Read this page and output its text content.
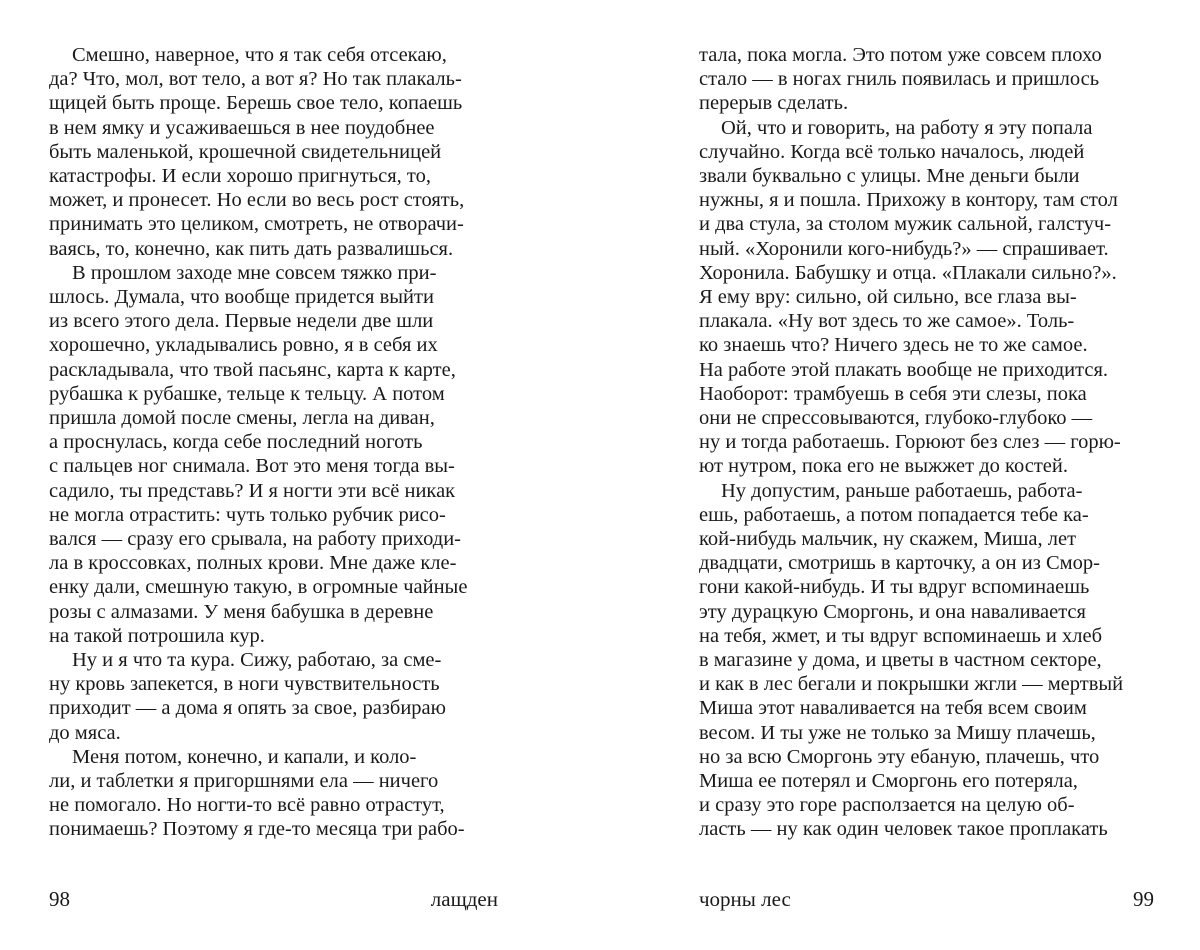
Смешно, наверное, что я так себя отсекаю,

да? Что, мол, вот тело, а вот я? Но так плакаль-

щицей быть проще. Берешь свое тело, копаешь

в нем ямку и усаживаешься в нее поудобнее

быть маленькой, крошечной свидетельницей

катастрофы. И если хорошо пригнуться, то,

может, и пронесет. Но если во весь рост стоять,

принимать это целиком, смотреть, не отворачи-

ваясь, то, конечно, как пить дать развалишься.

В прошлом заходе мне совсем тяжко при-

шлось. Думала, что вообще придется выйти

из всего этого дела. Первые недели две шли

хорошечно, укладывались ровно, я в себя их

раскладывала, что твой пасьянс, карта к карте,

рубашка к рубашке, тельце к тельцу. А потом

пришла домой после смены, легла на диван,

а проснулась, когда себе последний ноготь

с пальцев ног снимала. Вот это меня тогда вы-

садило, ты представь? И я ногти эти всё никак

не могла отрастить: чуть только рубчик рисо-

вался — сразу его срывала, на работу приходи-

ла в кроссовках, полных крови. Мне даже кле-

енку дали, смешную такую, в огромные чайные

розы с алмазами. У меня бабушка в деревне

на такой потрошила кур.

Ну и я что та кура. Сижу, работаю, за сме-

ну кровь запекется, в ноги чувствительность

приходит — а дома я опять за свое, разбираю

до мяса.

Меня потом, конечно, и капали, и коло-

ли, и таблетки я пригоршнями ела — ничего

не помогало. Но ногти-то всё равно отрастут,

понимаешь? Поэтому я где-то месяца три рабо-

98	лащден

тала, пока могла. Это потом уже совсем плохо

стало — в ногах гниль появилась и пришлось

перерыв сделать.

Ой, что и говорить, на работу я эту попала

случайно. Когда всё только началось, людей

звали буквально с улицы. Мне деньги были

нужны, я и пошла. Прихожу в контору, там стол

и два стула, за столом мужик сальной, галстуч-

ный. «Хоронили кого-нибудь?» — спрашивает.

Хоронила. Бабушку и отца. «Плакали сильно?».

Я ему вру: сильно, ой сильно, все глаза вы-

плакала. «Ну вот здесь то же самое». Толь-

ко знаешь что? Ничего здесь не то же самое.

На работе этой плакать вообще не приходится.

Наоборот: трамбуешь в себя эти слезы, пока

они не спрессовываются, глубоко-глубоко —

ну и тогда работаешь. Горюют без слез — горю-

ют нутром, пока его не выжжет до костей.

Ну допустим, раньше работаешь, работа-

ешь, работаешь, а потом попадается тебе ка-

кой-нибудь мальчик, ну скажем, Миша, лет

двадцати, смотришь в карточку, а он из Смор-

гони какой-нибудь. И ты вдруг вспоминаешь

эту дурацкую Сморгонь, и она наваливается

на тебя, жмет, и ты вдруг вспоминаешь и хлеб

в магазине у дома, и цветы в частном секторе,

и как в лес бегали и покрышки жгли — мертвый

Миша этот наваливается на тебя всем своим

весом. И ты уже не только за Мишу плачешь,

но за всю Сморгонь эту ебаную, плачешь, что

Миша ее потерял и Сморгонь его потеряла,

и сразу это горе расползается на целую об-

ласть — ну как один человек такое проплакать

чорны лес	99
